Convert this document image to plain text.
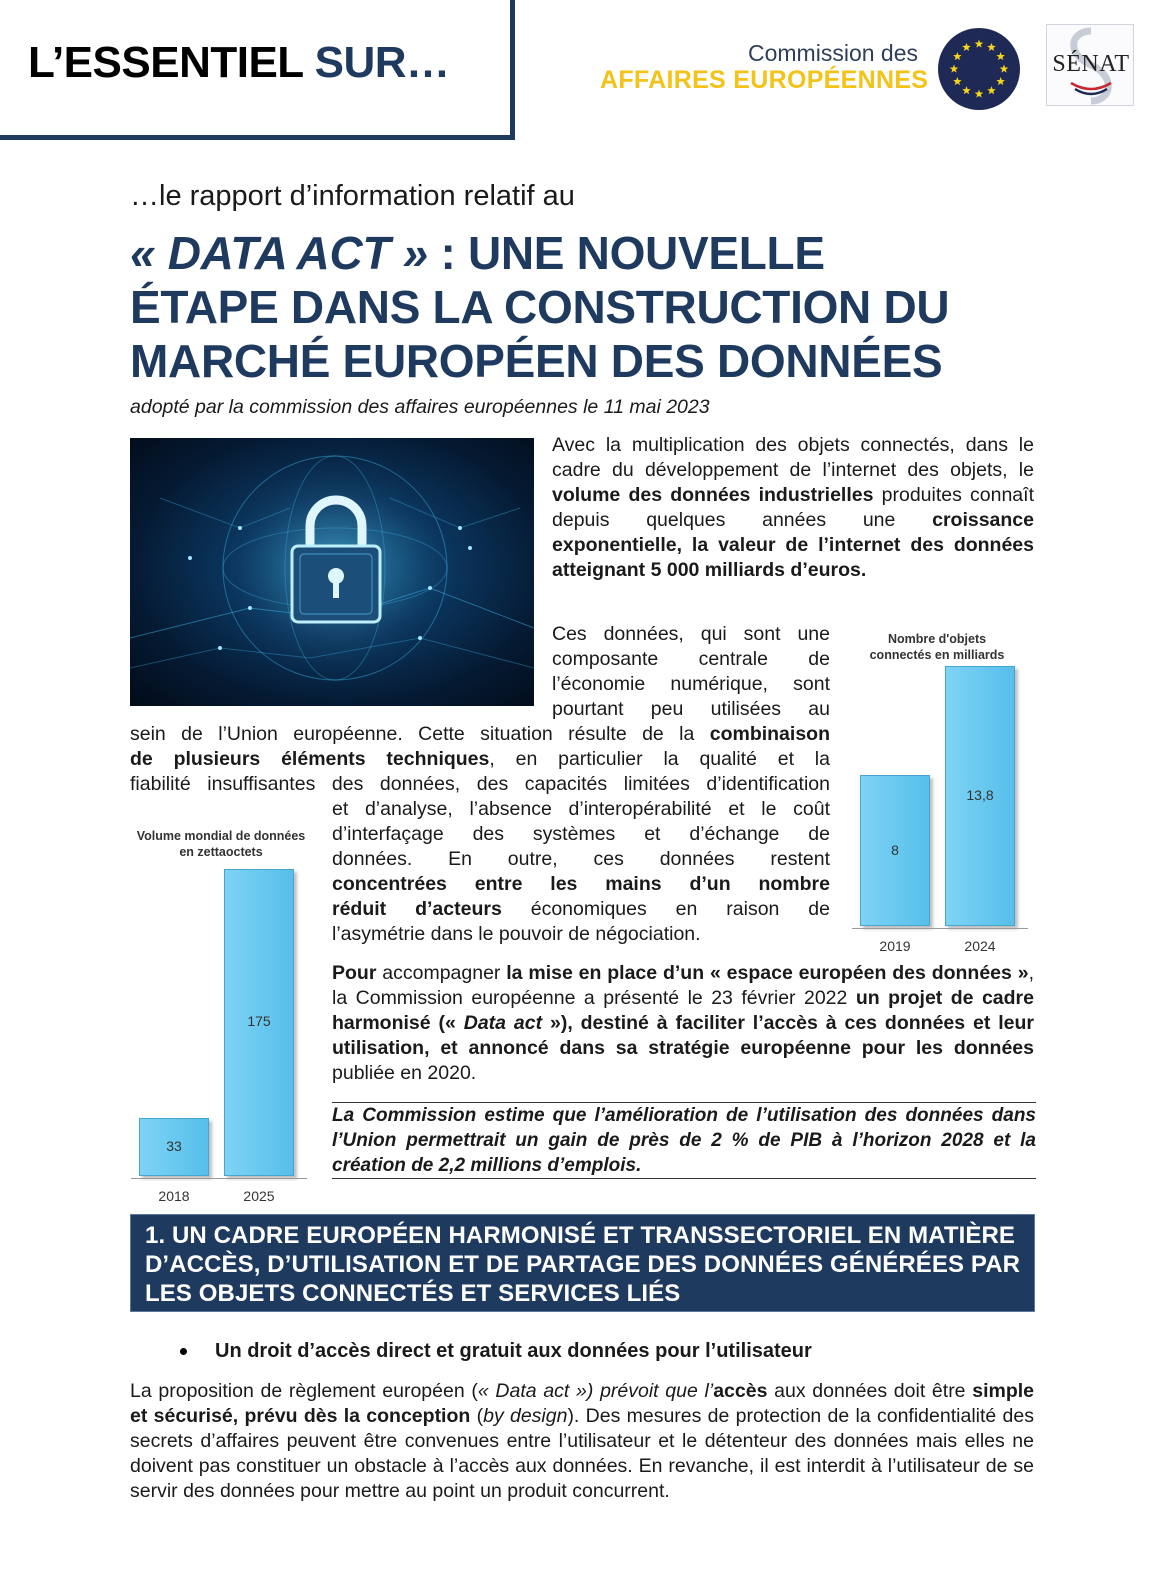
L’ESSENTIEL SUR…	Commission des
AFFAIRES EUROPÉENNES
SÉNAT
…le rapport d’information relatif au
« DATA ACT » : UNE NOUVELLE
ÉTAPE DANS LA CONSTRUCTION DU
MARCHÉ EUROPÉEN DES DONNÉES
adopté par la commission des affaires européennes le 11 mai 2023
Avec la multiplication des objets connectés, dans le cadre du développement de l’internet des objets, le volume des données industrielles produites connaît depuis quelques années une croissance exponentielle, la valeur de l’internet des données atteignant 5 000 milliards d’euros.
Ces données, qui sont une
composante centrale de
l’économie numérique, sont
pourtant peu utilisées au
sein de l’Union européenne. Cette situation résulte de la combinaison
de plusieurs éléments techniques, en particulier la qualité et la
fiabilité insuffisantes des données, des capacités limitées d’identification
et d’analyse, l’absence d’interopérabilité et le coût
d’interfaçage des systèmes et d’échange de
données. En outre, ces données restent
concentrées entre les mains d’un nombre
réduit d’acteurs économiques en raison de
l’asymétrie dans le pouvoir de négociation.
Pour accompagner la mise en place d’un « espace européen des données », la Commission européenne a présenté le 23 février 2022 un projet de cadre harmonisé (« Data act »), destiné à faciliter l’accès à ces données et leur utilisation, et annoncé dans sa stratégie européenne pour les données publiée en 2020.
La Commission estime que l’amélioration de l’utilisation des données dans l’Union permettrait un gain de près de 2 % de PIB à l’horizon 2028 et la création de 2,2 millions d’emplois.
Nombre d'objets connectés en milliards
8
2019
13,8
2024
Volume mondial de données en zettaoctets
33
2018
175
2025
1. UN CADRE EUROPÉEN HARMONISÉ ET TRANSSECTORIEL EN MATIÈRE D’ACCÈS, D’UTILISATION ET DE PARTAGE DES DONNÉES GÉNÉRÉES PAR LES OBJETS CONNECTÉS ET SERVICES LIÉS
Un droit d’accès direct et gratuit aux données pour l’utilisateur
La proposition de règlement européen (« Data act ») prévoit que l’accès aux données doit être simple et sécurisé, prévu dès la conception (by design). Des mesures de protection de la confidentialité des secrets d’affaires peuvent être convenues entre l’utilisateur et le détenteur des données mais elles ne doivent pas constituer un obstacle à l’accès aux données. En revanche, il est interdit à l’utilisateur de se servir des données pour mettre au point un produit concurrent.
